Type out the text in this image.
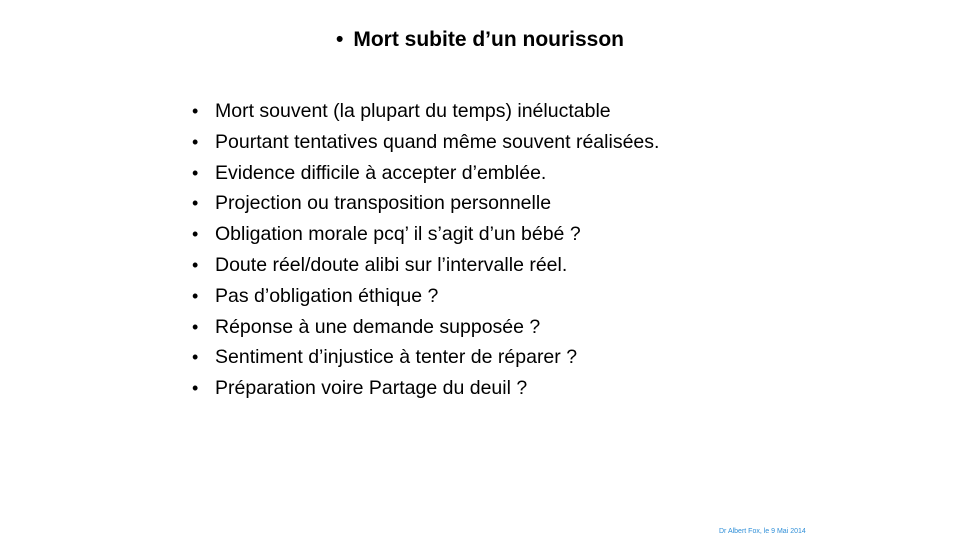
• Mort subite d’un nourisson
• Mort souvent (la plupart du temps) inéluctable
• Pourtant tentatives quand même souvent réalisées.
• Evidence difficile à accepter d’emblée.
• Projection ou transposition personnelle
• Obligation morale pcq’ il s’agit d’un bébé ?
• Doute réel/doute alibi sur l’intervalle réel.
• Pas d’obligation éthique ?
• Réponse à une demande supposée ?
• Sentiment d’injustice à tenter de réparer ?
• Préparation voire Partage du deuil ?
Dr Albert Fox, le 9 Mai 2014
